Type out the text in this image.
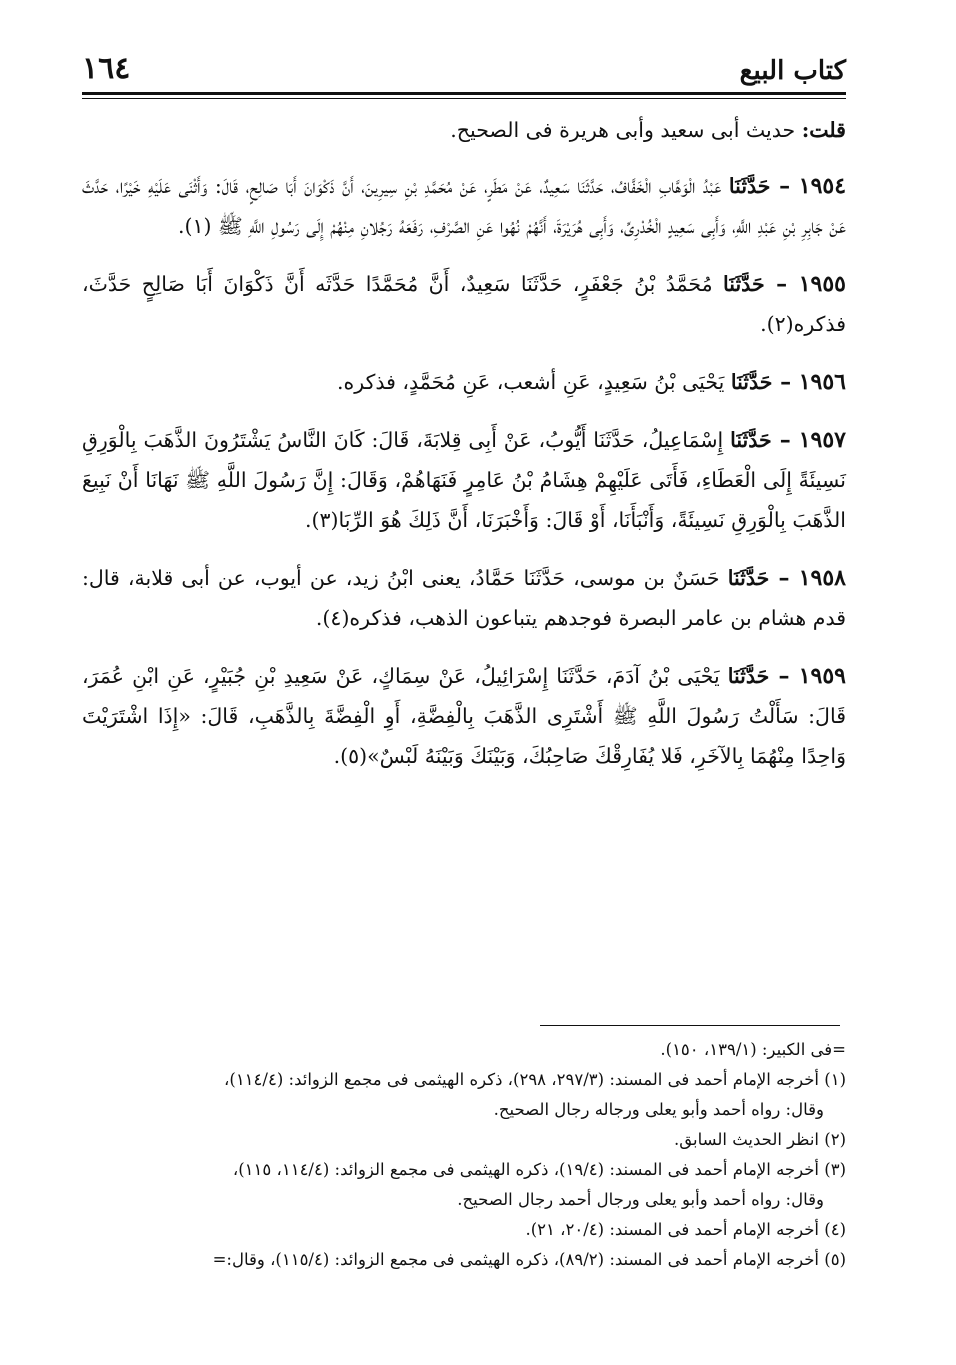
١٦٤	كتاب البيع

قلت: حديث أبى سعيد وأبى هريرة فى الصحيح.

١٩٥٤ – حَدَّثَنَا عَبْدُ الْوَهَّابِ الْخَفَّافُ، حَدَّثَنَا سَعِيدٌ، عَنْ مَطَرٍ، عَنْ مُحَمَّدِ بْنِ سِيرِينَ، أَنَّ ذَكْوَانَ أَبَا صَالِحٍ، قَالَ: وَأَثْنَى عَلَيْهِ خَيْرًا، حَدَّثَ عَنْ جَابِرِ بْنِ عَبْدِ اللَّهِ، وَأَبِى سَعِيدٍ الْخُدْرِىِّ، وَأَبِى هُرَيْرَةَ، أَنَّهُمْ نُهُوا عَنِ الصَّرْفِ، رَفَعَهُ رَجُلانِ مِنْهُمْ إِلَى رَسُولِ اللَّهِ ﷺ (١).

١٩٥٥ – حَدَّثَنَا مُحَمَّدُ بْنُ جَعْفَرٍ، حَدَّثَنَا سَعِيدٌ، أَنَّ مُحَمَّدًا حَدَّثَه أَنَّ ذَكْوَانَ أَبَا صَالِحٍ حَدَّثَ، فذكره(٢).

١٩٥٦ – حَدَّثَنَا يَحْيَى بْنُ سَعِيدٍ، عَنِ أشعب، عَنِ مُحَمَّدٍ، فذكره.

١٩٥٧ – حَدَّثَنَا إِسْمَاعِيلُ، حَدَّثَنَا أَيُّوبُ، عَنْ أَبِى قِلابَةَ، قَالَ: كَانَ النَّاسُ يَشْتَرُونَ الذَّهَبَ بِالْوَرِقِ نَسِيئَةً إِلَى الْعَطَاءِ، فَأَتَى عَلَيْهِمْ هِشَامُ بْنُ عَامِرٍ فَنَهَاهُمْ، وَقَالَ: إِنَّ رَسُولَ اللَّهِ ﷺ نَهَانَا أَنْ نَبِيعَ الذَّهَبَ بِالْوَرِقِ نَسِيئَةً، وَأَنْبَأَنَا، أَوْ قَالَ: وَأَخْبَرَنَا، أَنَّ ذَلِكَ هُوَ الرِّبَا(٣).

١٩٥٨ – حَدَّثَنَا حَسَنٌ بن موسى، حَدَّثَنَا حَمَّادُ، يعنى ابْنُ زيد، عن أيوب، عن أبى قلابة، قال: قدم هشام بن عامر البصرة فوجدهم يتباعون الذهب، فذكره(٤).

١٩٥٩ – حَدَّثَنَا يَحْيَى بْنُ آدَمَ، حَدَّثَنَا إِسْرَائِيلُ، عَنْ سِمَاكٍ، عَنْ سَعِيدِ بْنِ جُبَيْرٍ، عَنِ ابْنِ عُمَرَ، قَالَ: سَأَلْتُ رَسُولَ اللَّهِ ﷺ أَشْتَرِى الذَّهَبَ بِالْفِضَّةِ، أَوِ الْفِضَّةَ بِالذَّهَبِ، قَالَ: «إِذَا اشْتَرَيْتَ وَاحِدًا مِنْهُمَا بِالآخَرِ، فَلا يُفَارِقْكَ صَاحِبُكَ، وَبَيْنَكَ وَبَيْنَهُ لَبْسٌ»(٥).

=فى الكبير: (١٣٩/١، ١٥٠).

(١) أخرجه الإمام أحمد فى المسند: (٢٩٧/٣، ٢٩٨)، ذكره الهيثمى فى مجمع الزوائد: (١١٤/٤)،

وقال: رواه أحمد وأبو يعلى ورجاله رجال الصحيح.

(٢) انظر الحديث السابق.

(٣) أخرجه الإمام أحمد فى المسند: (١٩/٤)، ذكره الهيثمى فى مجمع الزوائد: (١١٤/٤، ١١٥)،

وقال: رواه أحمد وأبو يعلى ورجال أحمد رجال الصحيح.

(٤) أخرجه الإمام أحمد فى المسند: (٢٠/٤، ٢١).

(٥) أخرجه الإمام أحمد فى المسند: (٨٩/٢)، ذكره الهيثمى فى مجمع الزوائد: (١١٥/٤)، وقال:=
